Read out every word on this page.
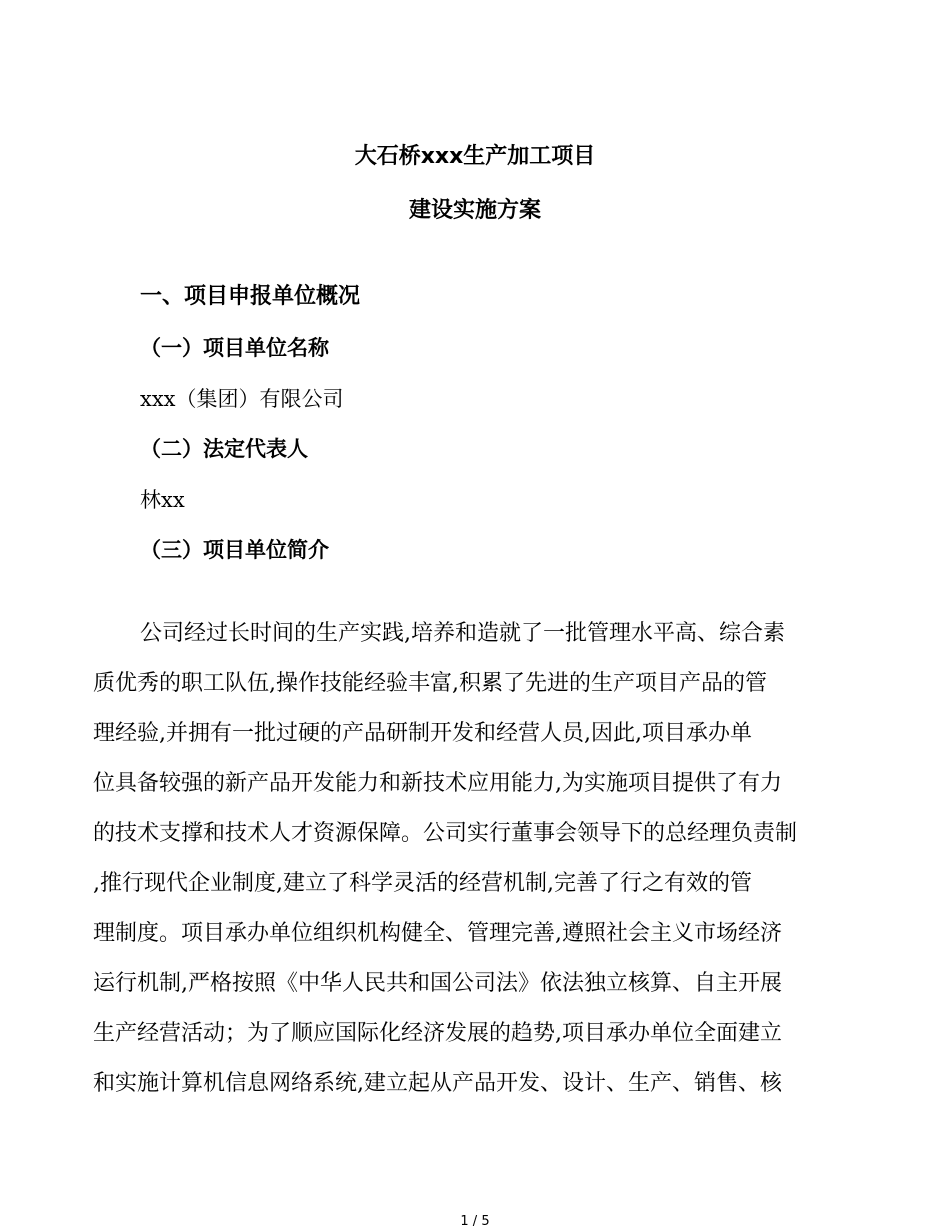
大石桥xxx生产加工项目
建设实施方案
一、项目申报单位概况
（一）项目单位名称

xxx（集团）有限公司

（二）法定代表人

林xx

（三）项目单位简介

公司经过长时间的生产实践,培养和造就了一批管理水平高、综合素

质优秀的职工队伍,操作技能经验丰富,积累了先进的生产项目产品的管

理经验,并拥有一批过硬的产品研制开发和经营人员,因此,项目承办单

位具备较强的新产品开发能力和新技术应用能力,为实施项目提供了有力

的技术支撑和技术人才资源保障。公司实行董事会领导下的总经理负责制

,推行现代企业制度,建立了科学灵活的经营机制,完善了行之有效的管

理制度。项目承办单位组织机构健全、管理完善,遵照社会主义市场经济

运行机制,严格按照《中华人民共和国公司法》依法独立核算、自主开展

生产经营活动；为了顺应国际化经济发展的趋势,项目承办单位全面建立

和实施计算机信息网络系统,建立起从产品开发、设计、生产、销售、核

1 / 5
